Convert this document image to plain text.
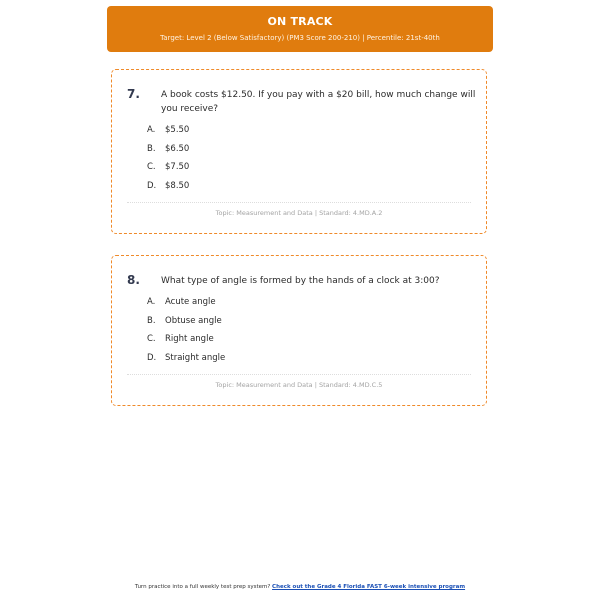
ON TRACK
Target: Level 2 (Below Satisfactory) (PM3 Score 200-210) | Percentile: 21st-40th
7. A book costs $12.50. If you pay with a $20 bill, how much change will you receive?
A. $5.50
B. $6.50
C. $7.50
D. $8.50
Topic: Measurement and Data | Standard: 4.MD.A.2
8. What type of angle is formed by the hands of a clock at 3:00?
A. Acute angle
B. Obtuse angle
C. Right angle
D. Straight angle
Topic: Measurement and Data | Standard: 4.MD.C.5
Turn practice into a full weekly test prep system? Check out the Grade 4 Florida FAST 6-week intensive program
